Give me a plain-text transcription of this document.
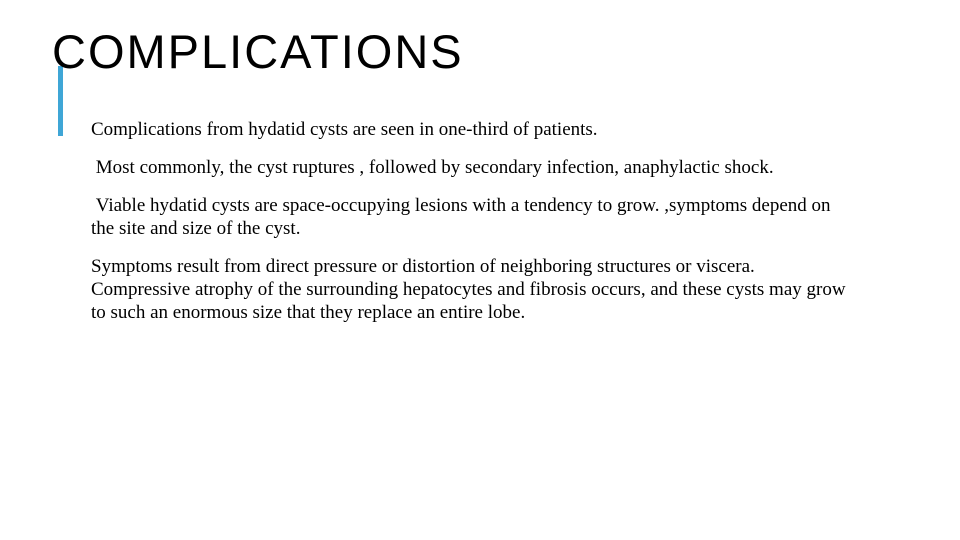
COMPLICATIONS

Complications from hydatid cysts are seen in one-third of patients.

Most commonly, the cyst ruptures , followed by secondary infection, anaphylactic shock.

Viable hydatid cysts are space-occupying lesions with a tendency to grow. ,symptoms depend on the site and size of the cyst.

Symptoms result from direct pressure or distortion of neighboring structures or viscera. Compressive atrophy of the surrounding hepatocytes and fibrosis occurs, and these cysts may grow to such an enormous size that they replace an entire lobe.
